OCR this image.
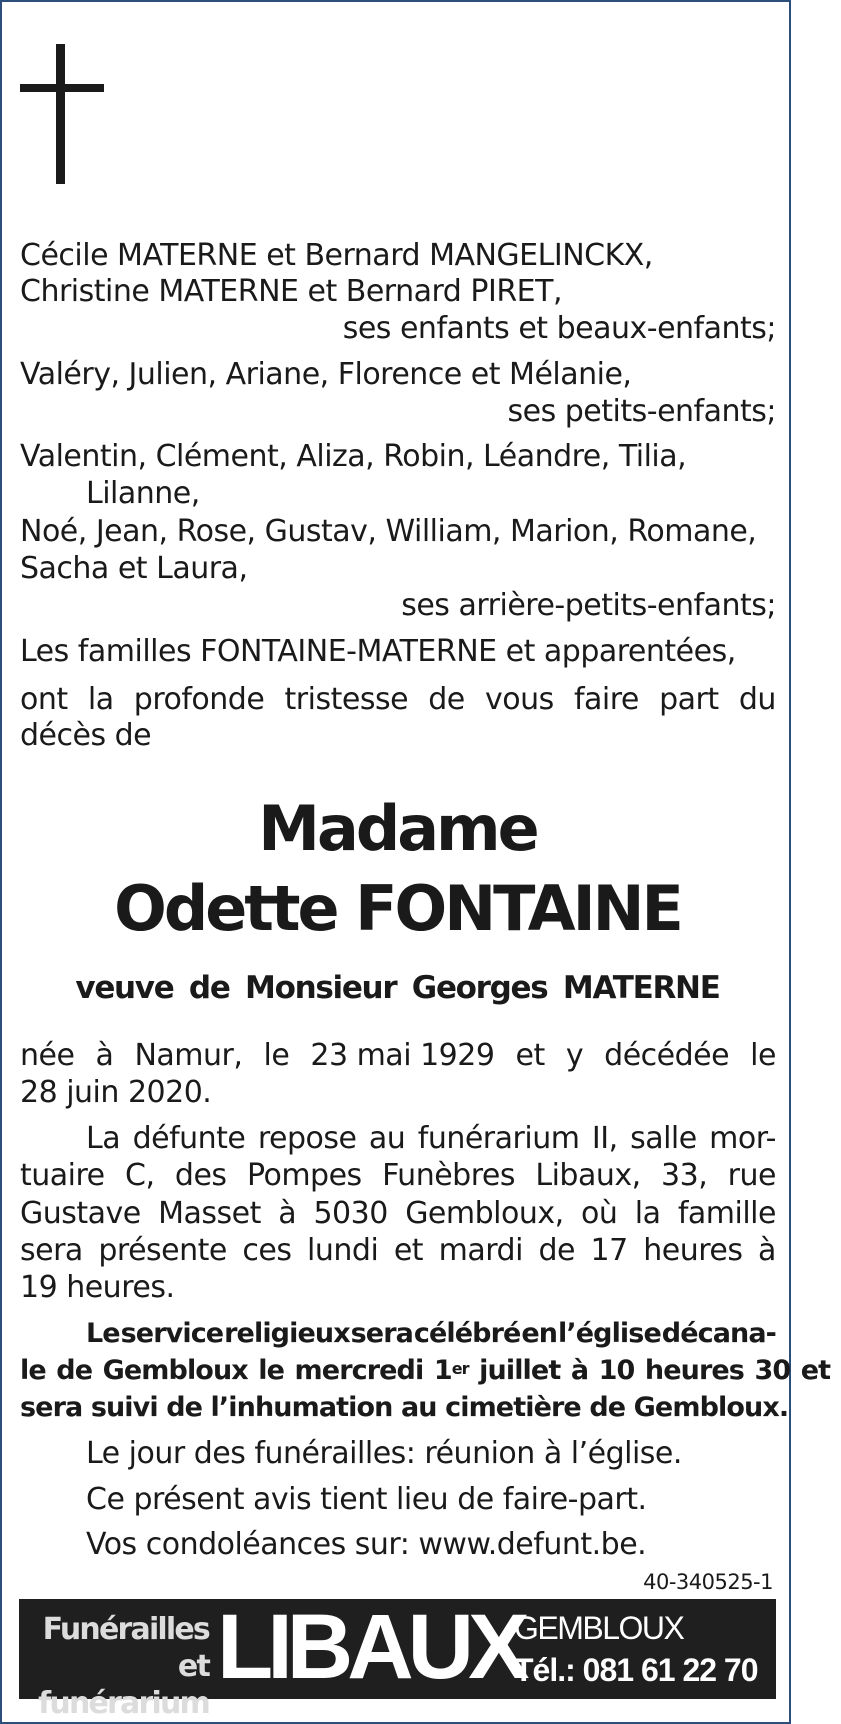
Cécile MATERNE et Bernard MANGELINCKX,
Christine MATERNE et Bernard PIRET,
ses enfants et beaux-enfants;
Valéry, Julien, Ariane, Florence et Mélanie,
ses petits-enfants;
Valentin, Clément, Aliza, Robin, Léandre, Tilia,
Lilanne,
Noé, Jean, Rose, Gustav, William, Marion, Romane,
Sacha et Laura,
ses arrière-petits-enfants;
Les familles FONTAINE-MATERNE et apparentées,
ont la profonde tristesse de vous faire part du
décès de
Madame
Odette FONTAINE
veuve de Monsieur Georges MATERNE
née à Namur, le 23 mai 1929 et y décédée le
28 juin 2020.
La défunte repose au funérarium II, salle mor-
tuaire C, des Pompes Funèbres Libaux, 33, rue
Gustave Masset à 5030 Gembloux, où la famille
sera présente ces lundi et mardi de 17 heures à
19 heures.
Le service religieux sera célébré en l’église décana-
le de Gembloux le mercredi 1er juillet à 10 heures 30 et
sera suivi de l’inhumation au cimetière de Gembloux.
Le jour des funérailles: réunion à l’église.
Ce présent avis tient lieu de faire-part.
Vos condoléances sur: www.defunt.be.
40-340525-1
Funérailles
et funérarium
LIBAUX
GEMBLOUX
Tél.: 081 61 22 70
